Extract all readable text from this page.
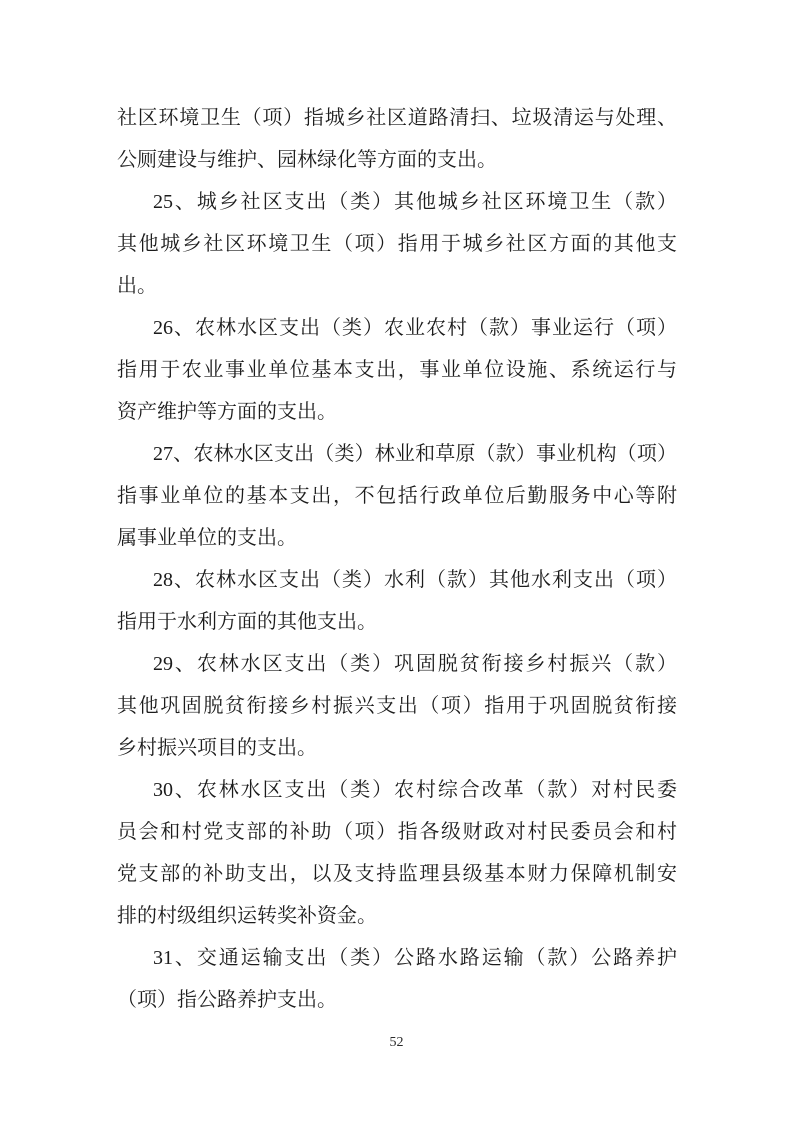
社区环境卫生（项）指城乡社区道路清扫、垃圾清运与处理、

公厕建设与维护、园林绿化等方面的支出。

25、城乡社区支出（类）其他城乡社区环境卫生（款）

其他城乡社区环境卫生（项）指用于城乡社区方面的其他支

出。

26、农林水区支出（类）农业农村（款）事业运行（项）

指用于农业事业单位基本支出，事业单位设施、系统运行与

资产维护等方面的支出。

27、农林水区支出（类）林业和草原（款）事业机构（项）

指事业单位的基本支出，不包括行政单位后勤服务中心等附

属事业单位的支出。

28、农林水区支出（类）水利（款）其他水利支出（项）

指用于水利方面的其他支出。

29、农林水区支出（类）巩固脱贫衔接乡村振兴（款）

其他巩固脱贫衔接乡村振兴支出（项）指用于巩固脱贫衔接

乡村振兴项目的支出。

30、农林水区支出（类）农村综合改革（款）对村民委

员会和村党支部的补助（项）指各级财政对村民委员会和村

党支部的补助支出，以及支持监理县级基本财力保障机制安

排的村级组织运转奖补资金。

31、交通运输支出（类）公路水路运输（款）公路养护

（项）指公路养护支出。

52
